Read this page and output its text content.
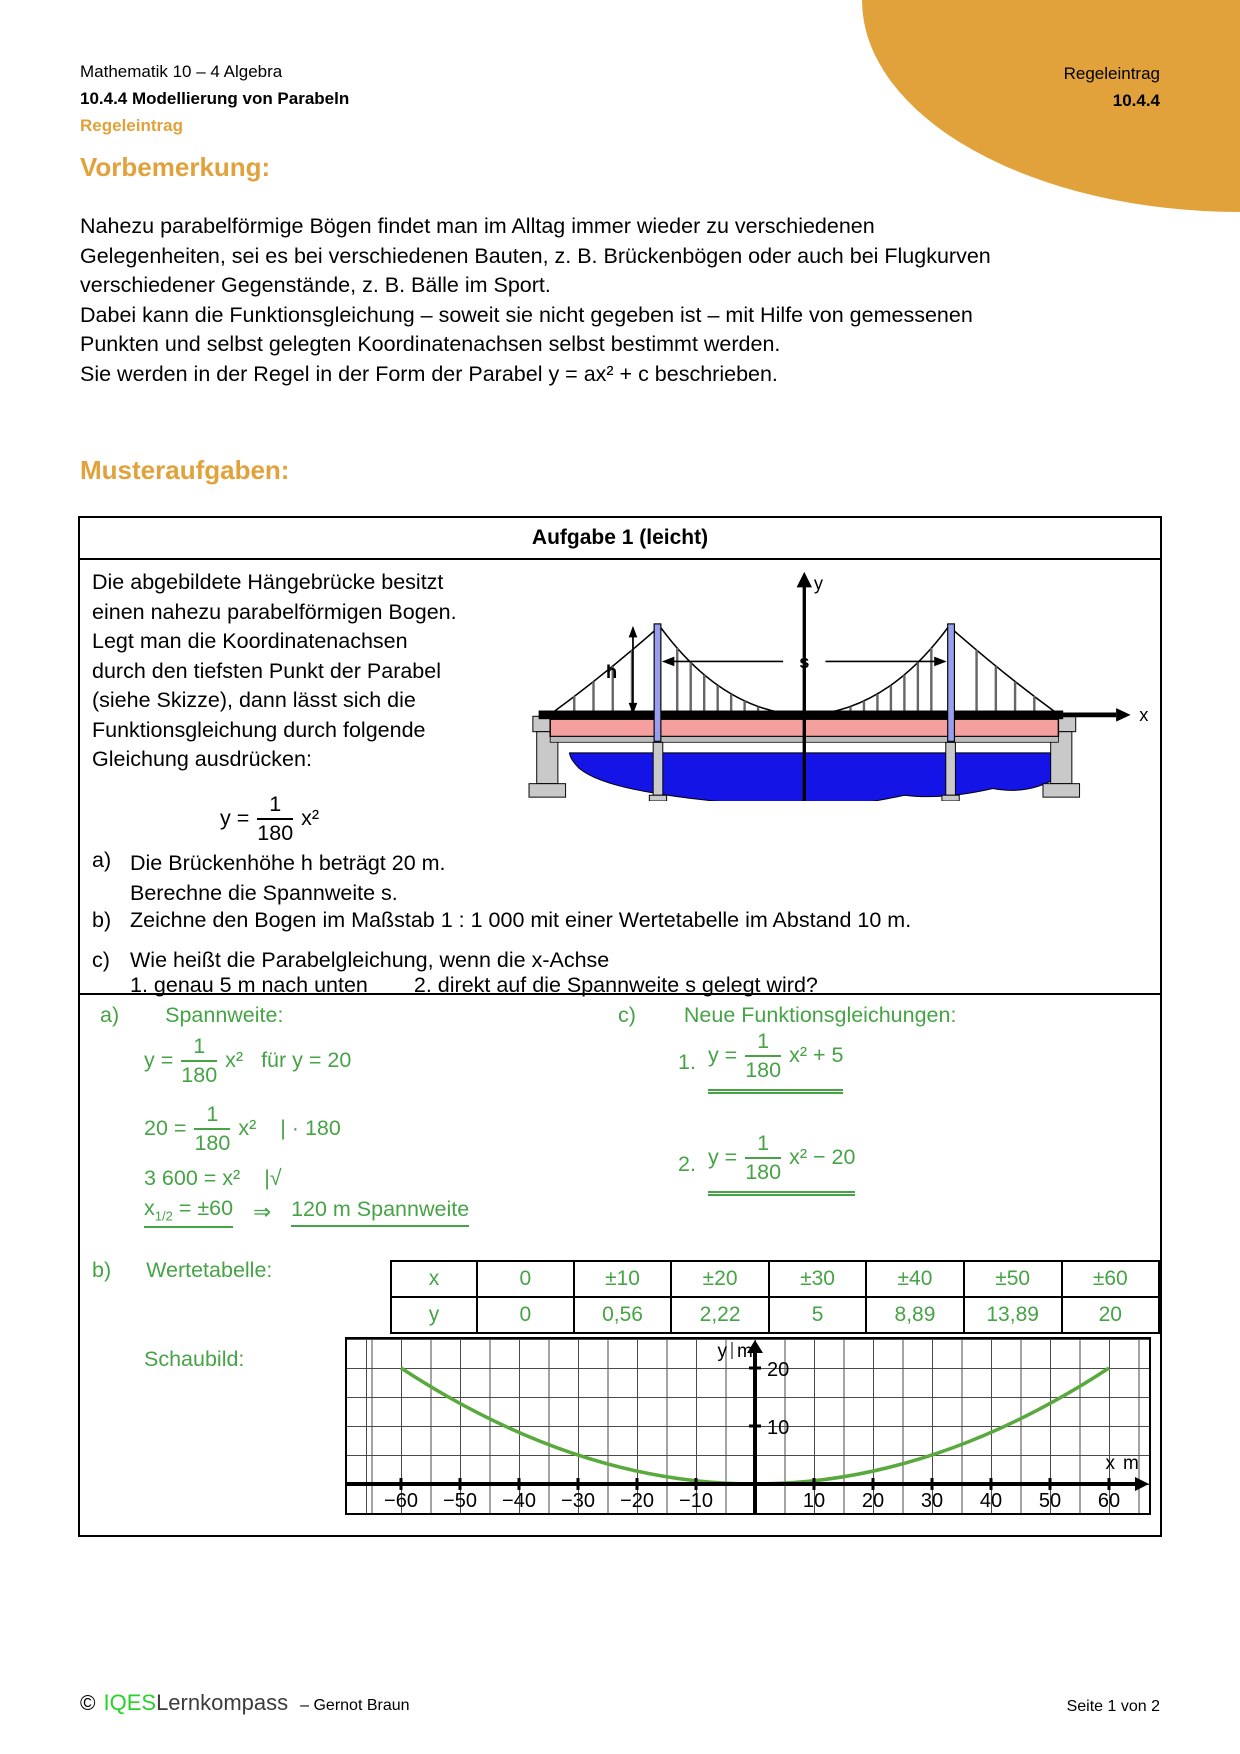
Regeleintrag
10.4.4
Mathematik 10 – 4 Algebra
10.4.4 Modellierung von Parabeln
Regeleintrag
Vorbemerkung:
Nahezu parabelförmige Bögen findet man im Alltag immer wieder zu verschiedenen
Gelegenheiten, sei es bei verschiedenen Bauten, z. B. Brückenbögen oder auch bei Flugkurven
verschiedener Gegenstände, z. B. Bälle im Sport.
Dabei kann die Funktionsgleichung – soweit sie nicht gegeben ist – mit Hilfe von gemessenen
Punkten und selbst gelegten Koordinatenachsen selbst bestimmt werden.
Sie werden in der Regel in der Form der Parabel y = ax² + c beschrieben.
Musteraufgaben:
Aufgabe 1 (leicht)
Die abgebildete Hängebrücke besitzt
einen nahezu parabelförmigen Bogen.
Legt man die Koordinatenachsen
durch den tiefsten Punkt der Parabel
(siehe Skizze), dann lässt sich die
Funktionsgleichung durch folgende
Gleichung ausdrücken:
x
y
s
h
$y = \frac{1}{180} x^2$
a) Die Brückenhöhe h beträgt 20 m.
Berechne die Spannweite s.
b) Zeichne den Bogen im Maßstab 1 : 1 000 mit einer Wertetabelle im Abstand 10 m.
c) Wie heißt die Parabelgleichung, wenn die x-Achse
1. genau 5 m nach unten 2. direkt auf die Spannweite s gelegt wird?
a) Spannweite:
$y = \frac{1}{180} x^2$ für y = 20
$20 = \frac{1}{180} x^2$ | · 180
3 600 = x² |√
$x_{1/2} = \pm 60$ ⇒ 120 m Spannweite
c) Neue Funktionsgleichungen:
1. $y = \frac{1}{180} x^2 + 5$
2. $y = \frac{1}{180} x^2 - 20$
b) Wertetabelle:	x	0	±10	±20	±30	±40	±50	±60
y	0	0,56	2,22	5	8,89	13,89	20
Schaubild:
−60 −50 −40 −30 −20 −10	10 20 30 40 50 60
20
10
y m
x m
© IQES Lernkompass – Gernot Braun	Seite 1 von 2
